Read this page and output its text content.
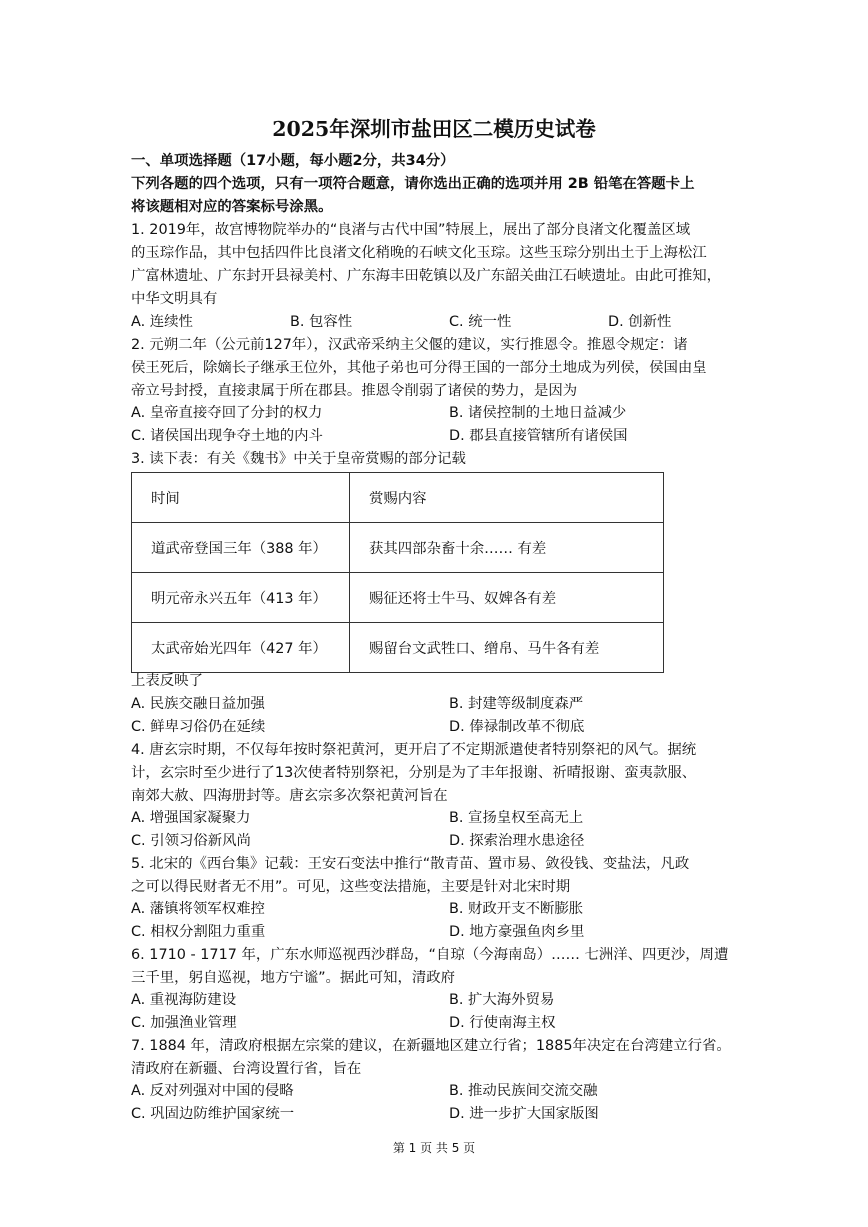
2025年深圳市盐田区二模历史试卷
一、单项选择题（17小题，每小题2分，共34分）
下列各题的四个选项，只有一项符合题意，请你选出正确的选项并用 2B 铅笔在答题卡上
将该题相对应的答案标号涂黑。
1. 2019年，故宫博物院举办的“良渚与古代中国”特展上，展出了部分良渚文化覆盖区域
的玉琮作品，其中包括四件比良渚文化稍晚的石峡文化玉琮。这些玉琮分别出土于上海松江
广富林遗址、广东封开县禄美村、广东海丰田乾镇以及广东韶关曲江石峡遗址。由此可推知，
中华文明具有
A. 连续性	B. 包容性	C. 统一性	D. 创新性
2. 元朔二年（公元前127年），汉武帝采纳主父偃的建议，实行推恩令。推恩令规定：诸
侯王死后，除嫡长子继承王位外，其他子弟也可分得王国的一部分土地成为列侯，侯国由皇
帝立号封授，直接隶属于所在郡县。推恩令削弱了诸侯的势力，是因为
A. 皇帝直接夺回了分封的权力	B. 诸侯控制的土地日益减少
C. 诸侯国出现争夺土地的内斗	D. 郡县直接管辖所有诸侯国
3. 读下表：有关《魏书》中关于皇帝赏赐的部分记载
时间	赏赐内容
道武帝登国三年（388 年）	获其四部杂畜十余…… 有差
明元帝永兴五年（413 年）	赐征还将士牛马、奴婢各有差
太武帝始光四年（427 年）	赐留台文武牲口、缯帛、马牛各有差
上表反映了
A. 民族交融日益加强	B. 封建等级制度森严
C. 鲜卑习俗仍在延续	D. 俸禄制改革不彻底
4. 唐玄宗时期，不仅每年按时祭祀黄河，更开启了不定期派遣使者特别祭祀的风气。据统
计，玄宗时至少进行了13次使者特别祭祀，分别是为了丰年报谢、祈晴报谢、蛮夷款服、
南郊大赦、四海册封等。唐玄宗多次祭祀黄河旨在
A. 增强国家凝聚力	B. 宣扬皇权至高无上
C. 引领习俗新风尚	D. 探索治理水患途径
5. 北宋的《西台集》记载：王安石变法中推行“散青苗、置市易、敛役钱、变盐法，凡政
之可以得民财者无不用”。可见，这些变法措施，主要是针对北宋时期
A. 藩镇将领军权难控	B. 财政开支不断膨胀
C. 相权分割阻力重重	D. 地方豪强鱼肉乡里
6. 1710 - 1717 年，广东水师巡视西沙群岛，“自琼（今海南岛）…… 七洲洋、四更沙，周遭
三千里，躬自巡视，地方宁谧”。据此可知，清政府
A. 重视海防建设	B. 扩大海外贸易
C. 加强渔业管理	D. 行使南海主权
7. 1884 年，清政府根据左宗棠的建议，在新疆地区建立行省；1885年决定在台湾建立行省。
清政府在新疆、台湾设置行省，旨在
A. 反对列强对中国的侵略	B. 推动民族间交流交融
C. 巩固边防维护国家统一	D. 进一步扩大国家版图
第 1 页 共 5 页
